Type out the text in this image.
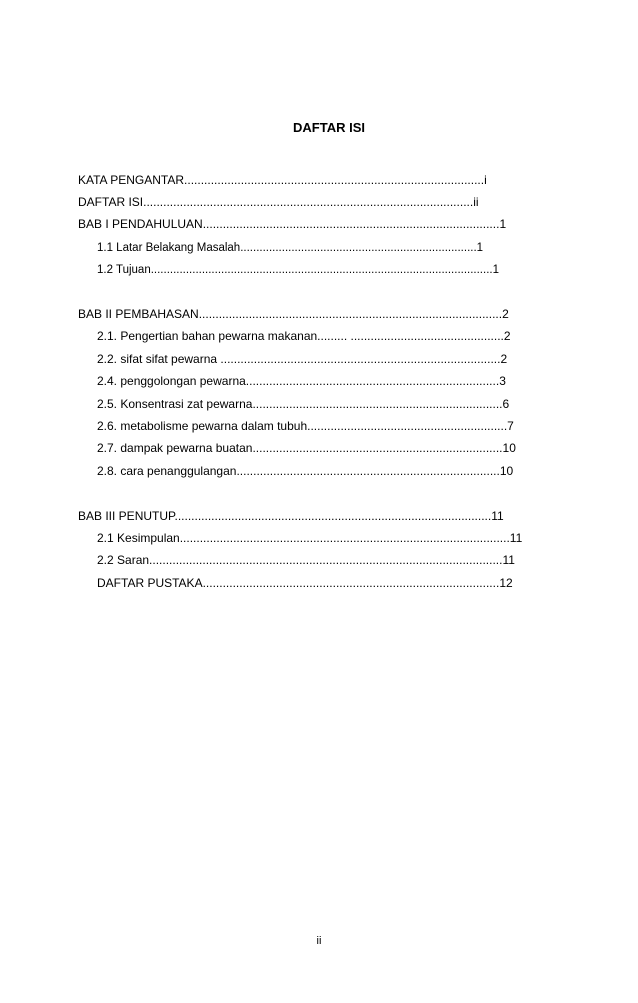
DAFTAR ISI
KATA PENGANTAR..........................................................................................i
DAFTAR ISI...................................................................................................ii
BAB I PENDAHULUAN.........................................................................................1
1.1 Latar Belakang Masalah..........................................................................1
1.2 Tujuan...........................................................................................................1
BAB II PEMBAHASAN...........................................................................................2
2.1. Pengertian bahan pewarna makanan......... ..............................................2
2.2. sifat sifat pewarna ....................................................................................2
2.4. penggolongan pewarna............................................................................3
2.5. Konsentrasi zat pewarna...........................................................................6
2.6. metabolisme pewarna dalam tubuh............................................................7
2.7. dampak pewarna buatan...........................................................................10
2.8. cara penanggulangan...............................................................................10
BAB III PENUTUP...............................................................................................11
2.1 Kesimpulan...................................................................................................11
2.2 Saran..........................................................................................................11
DAFTAR PUSTAKA.........................................................................................12
ii
